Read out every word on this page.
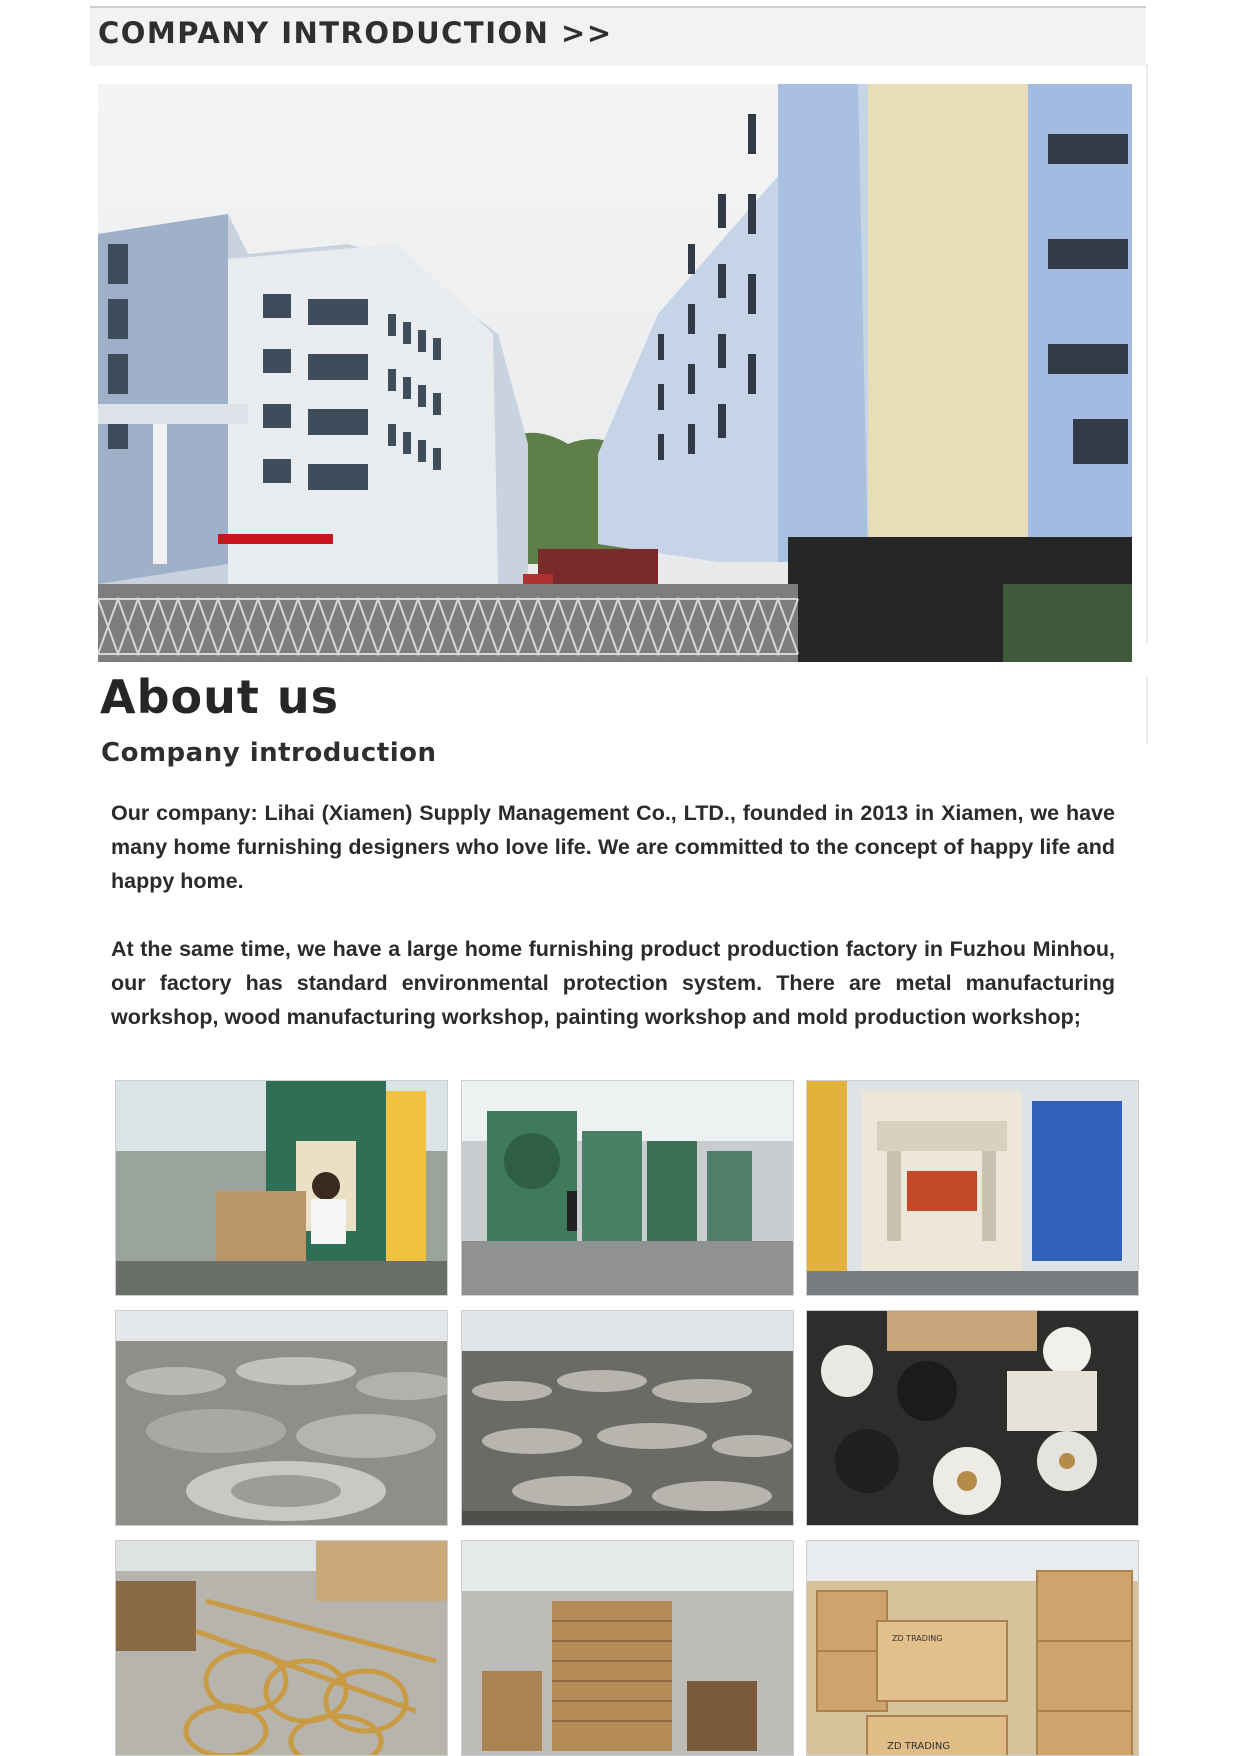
COMPANY INTRODUCTION >>
About us
Company introduction

Our company: Lihai (Xiamen) Supply Management Co., LTD., founded in 2013 in Xiamen, we have many home furnishing designers who love life. We are committed to the concept of happy life and happy home.

At the same time, we have a large home furnishing product production factory in Fuzhou Minhou, our factory has standard environmental protection system. There are metal manufacturing workshop, wood manufacturing workshop, painting workshop and mold production workshop;

ZD TRADING
ZD TRADING
